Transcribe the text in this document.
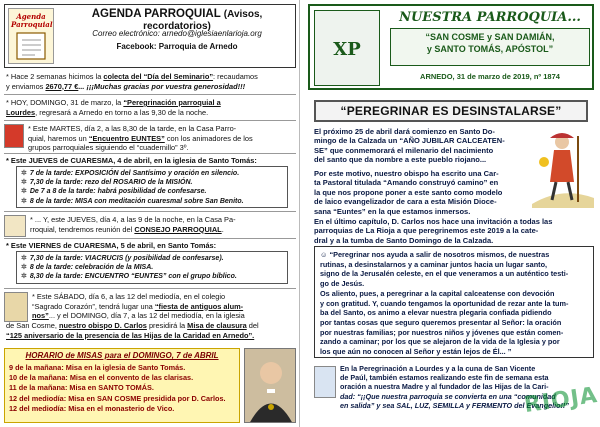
Agenda Parroquial
AGENDA PARROQUIAL (Avisos, recordatorios)
Correo electrónico: arnedo@iglesiaenlarioja.org
Facebook: Parroquia de Arnedo
* Hace 2 semanas hicimos la colecta del “Día del Seminario”: recaudamos
y enviamos 2670,77 €... ¡¡¡Muchas gracias por vuestra generosidad!!!
* HOY, DOMINGO, 31 de marzo, la “Peregrinación parroquial a
Lourdes, regresará a Arnedo en torno a las 9,30 de la noche.
* Este MARTES, día 2, a las 8,30 de la tarde, en la Casa Parro-
quial, haremos un “Encuentro EUNTES” con los animadores de los
grupos parroquiales siguiendo el “cuadernillo” 3º.
* Este JUEVES de CUARESMA, 4 de abril, en la iglesia de Santo Tomás:
✲ 7 de la tarde: EXPOSICIÓN del Santísimo y oración en silencio.
✲ 7,30 de la tarde: rezo del ROSARIO de la MISIÓN.
✲ De 7 a 8 de la tarde: habrá posibilidad de confesarse.
✲ 8 de la tarde: MISA con meditación cuaresmal sobre San Benito.
* ... Y, este JUEVES, día 4, a las 9 de la noche, en la Casa Pa-
rroquial, tendremos reunión del CONSEJO PARROQUIAL.
* Este VIERNES de CUARESMA, 5 de abril, en Santo Tomás:
✲ 7,30 de la tarde: VIACRUCIS (y posibilidad de confesarse).
✲ 8 de la tarde: celebración de la MISA.
✲ 8,30 de la tarde: ENCUENTRO “EUNTES” con el grupo bíblico.
* Este SÁBADO, día 6, a las 12 del mediodía, en el colegio
“Sagrado Corazón”, tendrá lugar una “fiesta de antiguos alum-
nos”... y el DOMINGO, día 7, a las 12 del mediodía, en la iglesia
de San Cosme, nuestro obispo D. Carlos presidirá la Misa de clausura del
“125 aniversario de la presencia de las Hijas de la Caridad en Arnedo”.
HORARIO de MISAS para el DOMINGO, 7 de ABRIL
9 de la mañana: Misa en la iglesia de Santo Tomás.
10 de la mañana: Misa en el convento de las clarisas.
11 de la mañana: Misa en SANTO TOMÁS.
12 del mediodía: Misa en SAN COSME presidida por D. Carlos.
12 del mediodía: Misa en el monasterio de Vico.
XP
NUESTRA PARROQUIA...
“SAN COSME y SAN DAMIÁN,
y SANTO TOMÁS, APÓSTOL”
ARNEDO, 31 de marzo de 2019, nº 1874
“PEREGRINAR ES DESINSTALARSE”
El próximo 25 de abril dará comienzo en Santo Do-
mingo de la Calzada un “AÑO JUBILAR CALCEATEN-
SE” que conmemorará el milenario del nacimiento
del santo que da nombre a este pueblo riojano...
Por este motivo, nuestro obispo ha escrito una Car-
ta Pastoral titulada “Amando construyó camino” en
la que nos propone poner a este santo como modelo
de laico evangelizador de cara a esta Misión Dioce-
sana “Euntes” en la que estamos inmersos.
En el último capítulo, D. Carlos nos hace una invitación a todas las
parroquias de La Rioja a que peregrinemos este 2019 a la cate-
dral y a la tumba de Santo Domingo de la Calzada.
☺ “Peregrinar nos ayuda a salir de nosotros mismos, de nuestras
rutinas, a desinstalarnos y a caminar juntos hacia un lugar santo,
signo de la Jerusalén celeste, en el que veneramos a un auténtico testi-
go de Jesús.
Os aliento, pues, a peregrinar a la capital calceatense con devoción
y con gratitud. Y, cuando tengamos la oportunidad de rezar ante la tum-
ba del Santo, os animo a elevar nuestra plegaria confiada pidiendo
por tantas cosas que seguro queremos presentar al Señor: la oración
por nuestras familias; por nuestros niños y jóvenes que están comen-
zando a caminar; por los que se alejaron de la vida de la Iglesia y por
los que aún no conocen al Señor y están lejos de Él... ”
En la Peregrinación a Lourdes y a la cuna de San Vicente
de Paúl, también estamos realizando este fin de semana esta
oración a nuestra Madre y al fundador de las Hijas de la Cari-
dad: “¡¡Que nuestra parroquia se convierta en una “comunidad
en salida” y sea SAL, LUZ, SEMILLA y FERMENTO del Evangelio!!”
RIOJA
